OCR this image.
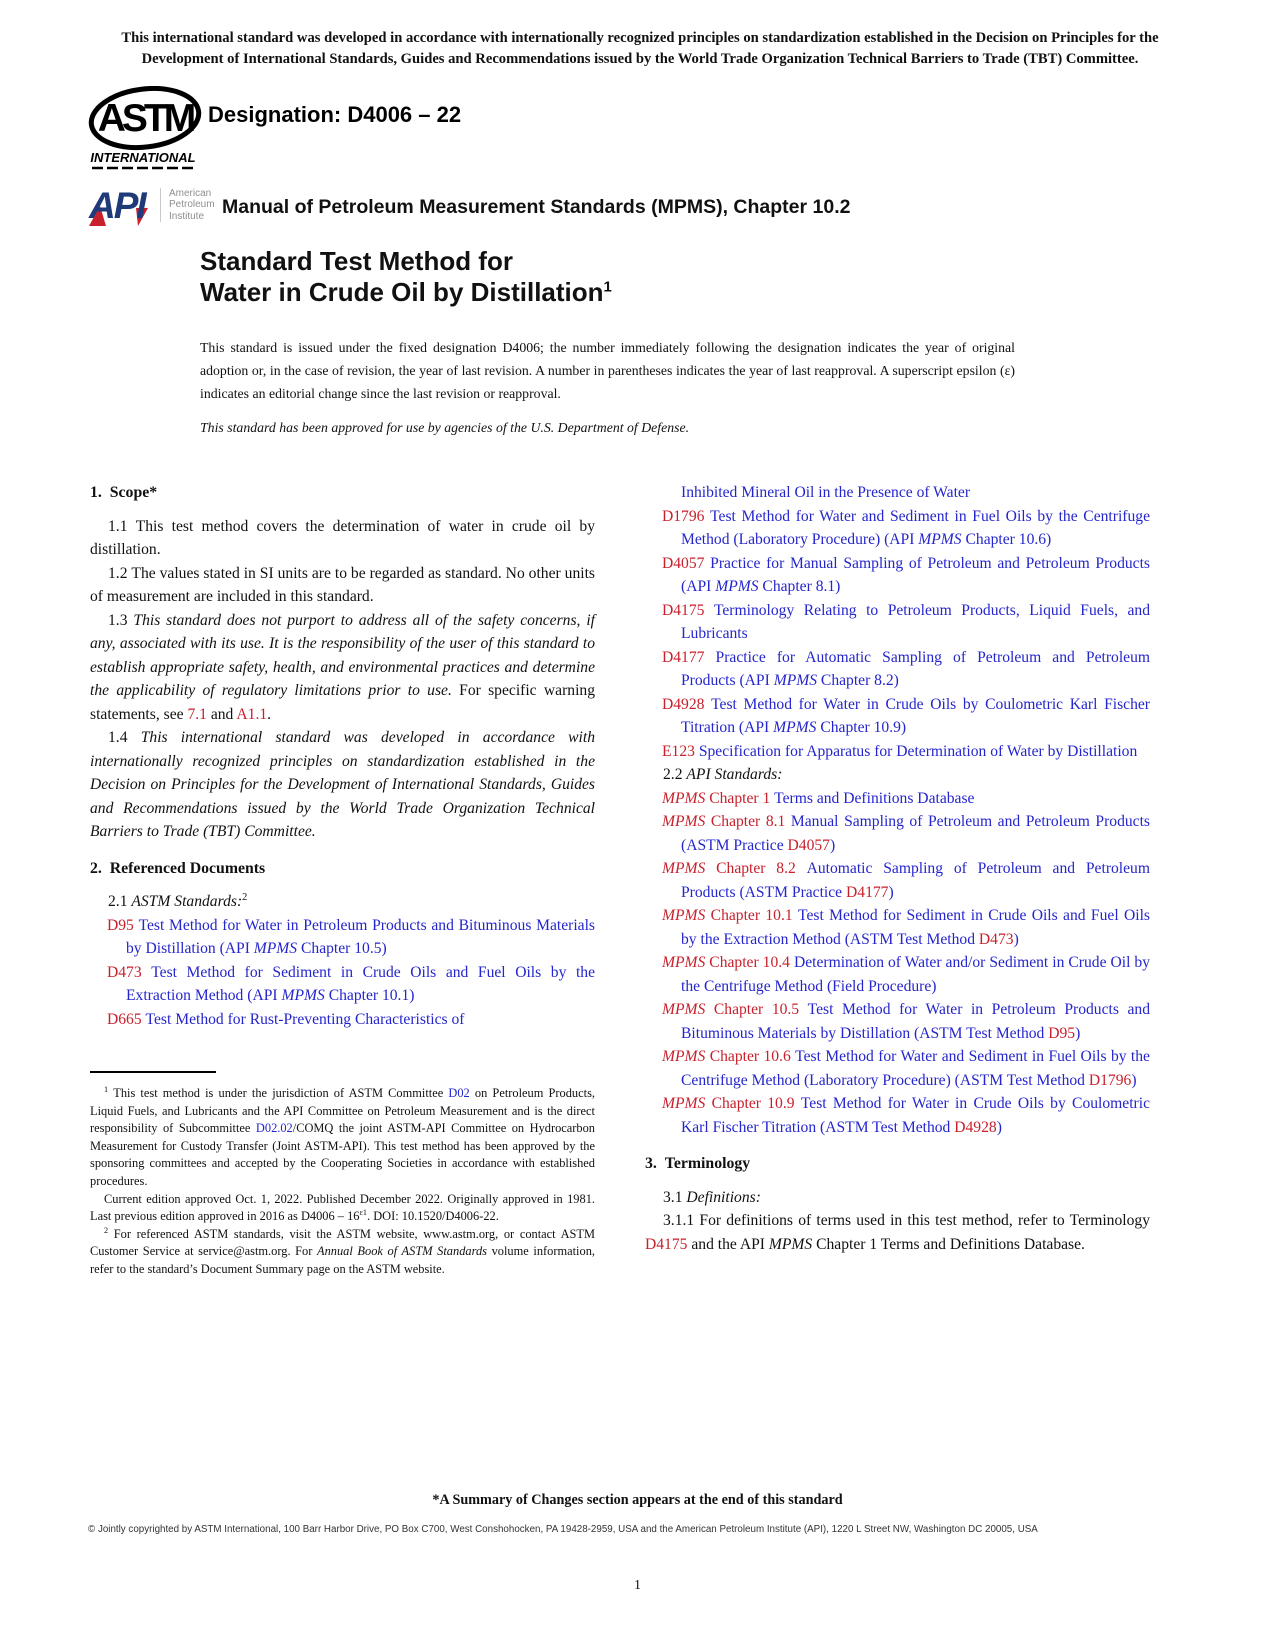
This international standard was developed in accordance with internationally recognized principles on standardization established in the Decision on Principles for the Development of International Standards, Guides and Recommendations issued by the World Trade Organization Technical Barriers to Trade (TBT) Committee.
ASTM
INTERNATIONAL
Designation: D4006 – 22
API American
Petroleum
Institute Manual of Petroleum Measurement Standards (MPMS), Chapter 10.2
Standard Test Method for
Water in Crude Oil by Distillation$^1$
This standard is issued under the fixed designation D4006; the number immediately following the designation indicates the year of original adoption or, in the case of revision, the year of last revision. A number in parentheses indicates the year of last reapproval. A superscript epsilon (ε) indicates an editorial change since the last revision or reapproval.
This standard has been approved for use by agencies of the U.S. Department of Defense.
1.  Scope*
1.1 This test method covers the determination of water in crude oil by distillation.
1.2 The values stated in SI units are to be regarded as standard. No other units of measurement are included in this standard.
1.3 This standard does not purport to address all of the safety concerns, if any, associated with its use. It is the responsibility of the user of this standard to establish appropriate safety, health, and environmental practices and determine the applicability of regulatory limitations prior to use. For specific warning statements, see 7.1 and A1.1.
1.4 This international standard was developed in accordance with internationally recognized principles on standardization established in the Decision on Principles for the Development of International Standards, Guides and Recommendations issued by the World Trade Organization Technical Barriers to Trade (TBT) Committee.
2.  Referenced Documents
2.1 ASTM Standards:$^2$
D95 Test Method for Water in Petroleum Products and Bituminous Materials by Distillation (API MPMS Chapter 10.5)
D473 Test Method for Sediment in Crude Oils and Fuel Oils by the Extraction Method (API MPMS Chapter 10.1)
D665 Test Method for Rust-Preventing Characteristics of
$^1$ This test method is under the jurisdiction of ASTM Committee D02 on Petroleum Products, Liquid Fuels, and Lubricants and the API Committee on Petroleum Measurement and is the direct responsibility of Subcommittee D02.02/COMQ the joint ASTM-API Committee on Hydrocarbon Measurement for Custody Transfer (Joint ASTM-API). This test method has been approved by the sponsoring committees and accepted by the Cooperating Societies in accordance with established procedures.
Current edition approved Oct. 1, 2022. Published December 2022. Originally approved in 1981. Last previous edition approved in 2016 as $D4006 - 16^{\varepsilon 1}$. DOI: 10.1520/D4006-22.
$^2$ For referenced ASTM standards, visit the ASTM website, www.astm.org, or contact ASTM Customer Service at service@astm.org. For Annual Book of ASTM Standards volume information, refer to the standard’s Document Summary page on the ASTM website.
Inhibited Mineral Oil in the Presence of Water
D1796 Test Method for Water and Sediment in Fuel Oils by the Centrifuge Method (Laboratory Procedure) (API MPMS Chapter 10.6)
D4057 Practice for Manual Sampling of Petroleum and Petroleum Products (API MPMS Chapter 8.1)
D4175 Terminology Relating to Petroleum Products, Liquid Fuels, and Lubricants
D4177 Practice for Automatic Sampling of Petroleum and Petroleum Products (API MPMS Chapter 8.2)
D4928 Test Method for Water in Crude Oils by Coulometric Karl Fischer Titration (API MPMS Chapter 10.9)
E123 Specification for Apparatus for Determination of Water by Distillation
2.2 API Standards:
MPMS Chapter 1 Terms and Definitions Database
MPMS Chapter 8.1 Manual Sampling of Petroleum and Petroleum Products (ASTM Practice D4057)
MPMS Chapter 8.2 Automatic Sampling of Petroleum and Petroleum Products (ASTM Practice D4177)
MPMS Chapter 10.1 Test Method for Sediment in Crude Oils and Fuel Oils by the Extraction Method (ASTM Test Method D473)
MPMS Chapter 10.4 Determination of Water and/or Sediment in Crude Oil by the Centrifuge Method (Field Procedure)
MPMS Chapter 10.5 Test Method for Water in Petroleum Products and Bituminous Materials by Distillation (ASTM Test Method D95)
MPMS Chapter 10.6 Test Method for Water and Sediment in Fuel Oils by the Centrifuge Method (Laboratory Procedure) (ASTM Test Method D1796)
MPMS Chapter 10.9 Test Method for Water in Crude Oils by Coulometric Karl Fischer Titration (ASTM Test Method D4928)
3.  Terminology
3.1 Definitions:
3.1.1 For definitions of terms used in this test method, refer to Terminology D4175 and the API MPMS Chapter 1 Terms and Definitions Database.
*A Summary of Changes section appears at the end of this standard
© Jointly copyrighted by ASTM International, 100 Barr Harbor Drive, PO Box C700, West Conshohocken, PA 19428-2959, USA and the American Petroleum Institute (API), 1220 L Street NW, Washington DC 20005, USA
1
